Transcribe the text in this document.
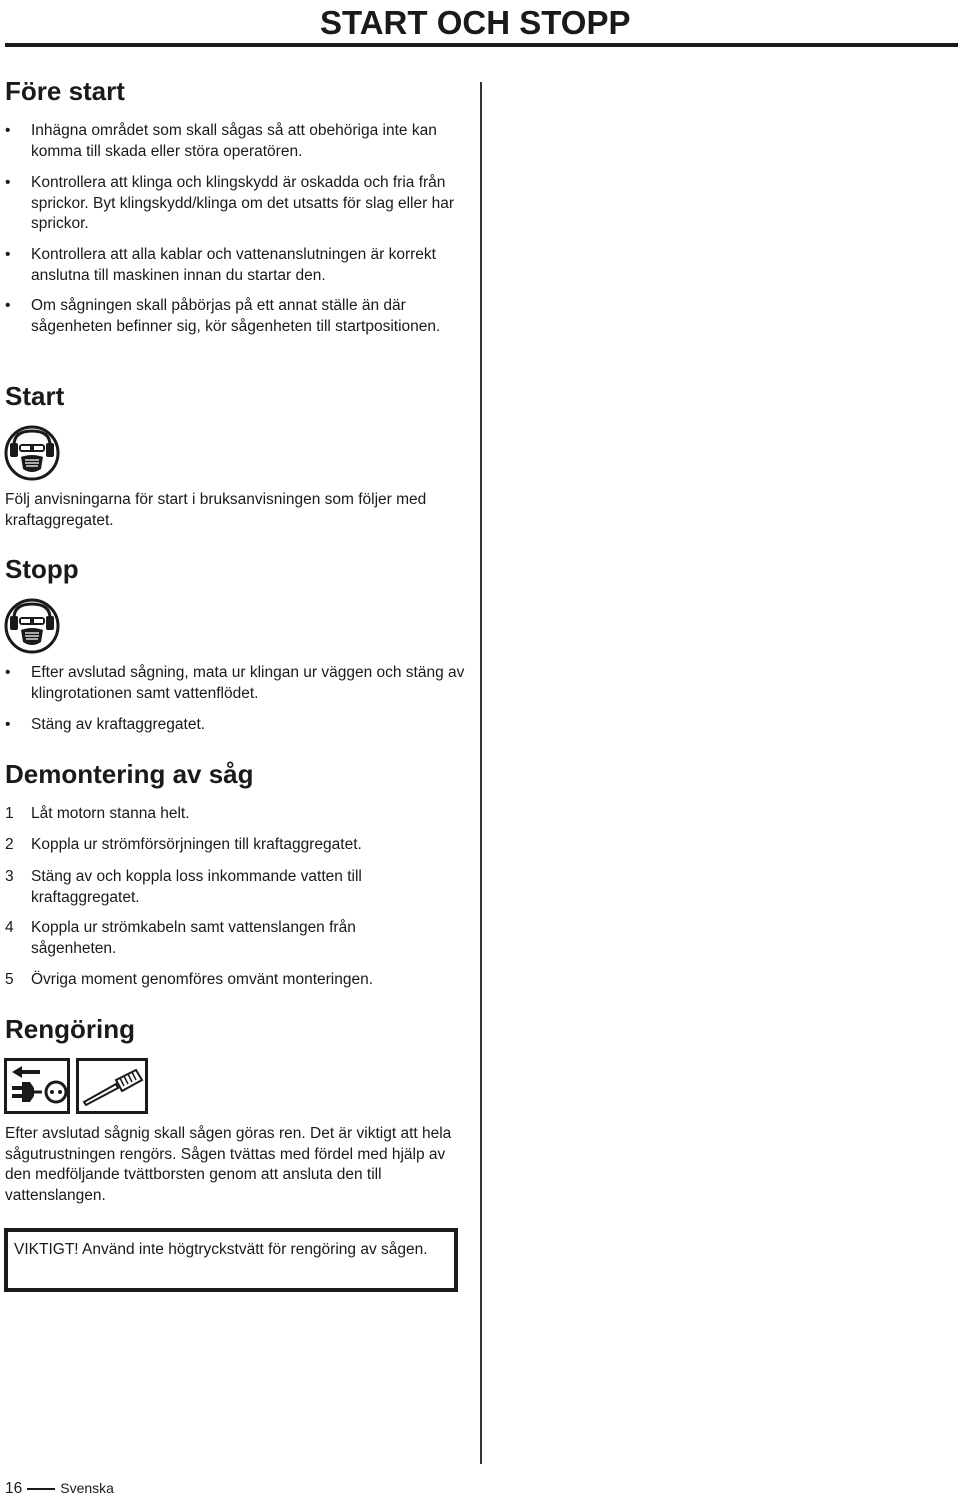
START OCH STOPP
Före start
•	Inhägna området som skall sågas så att obehöriga inte kan komma till skada eller störa operatören.
•	Kontrollera att klinga och klingskydd är oskadda och fria från sprickor. Byt klingskydd/klinga om det utsatts för slag eller har sprickor.
•	Kontrollera att alla kablar och vattenanslutningen är korrekt anslutna till maskinen innan du startar den.
•	Om sågningen skall påbörjas på ett annat ställe än där sågenheten befinner sig, kör sågenheten till startpositionen.
Start
Följ anvisningarna för start i bruksanvisningen som följer med kraftaggregatet.
Stopp
•	Efter avslutad sågning, mata ur klingan ur väggen och stäng av klingrotationen samt vattenflödet.
•	Stäng av kraftaggregatet.
Demontering av såg
1	Låt motorn stanna helt.
2	Koppla ur strömförsörjningen till kraftaggregatet.
3	Stäng av och koppla loss inkommande vatten till kraftaggregatet.
4	Koppla ur strömkabeln samt vattenslangen från sågenheten.
5	Övriga moment genomföres omvänt monteringen.
Rengöring
Efter avslutad sågnig skall sågen göras ren. Det är viktigt att hela sågutrustningen rengörs. Sågen tvättas med fördel med hjälp av den medföljande tvättborsten genom att ansluta den till vattenslangen.
VIKTIGT! Använd inte högtryckstvätt för rengöring av sågen.
16	Svenska
